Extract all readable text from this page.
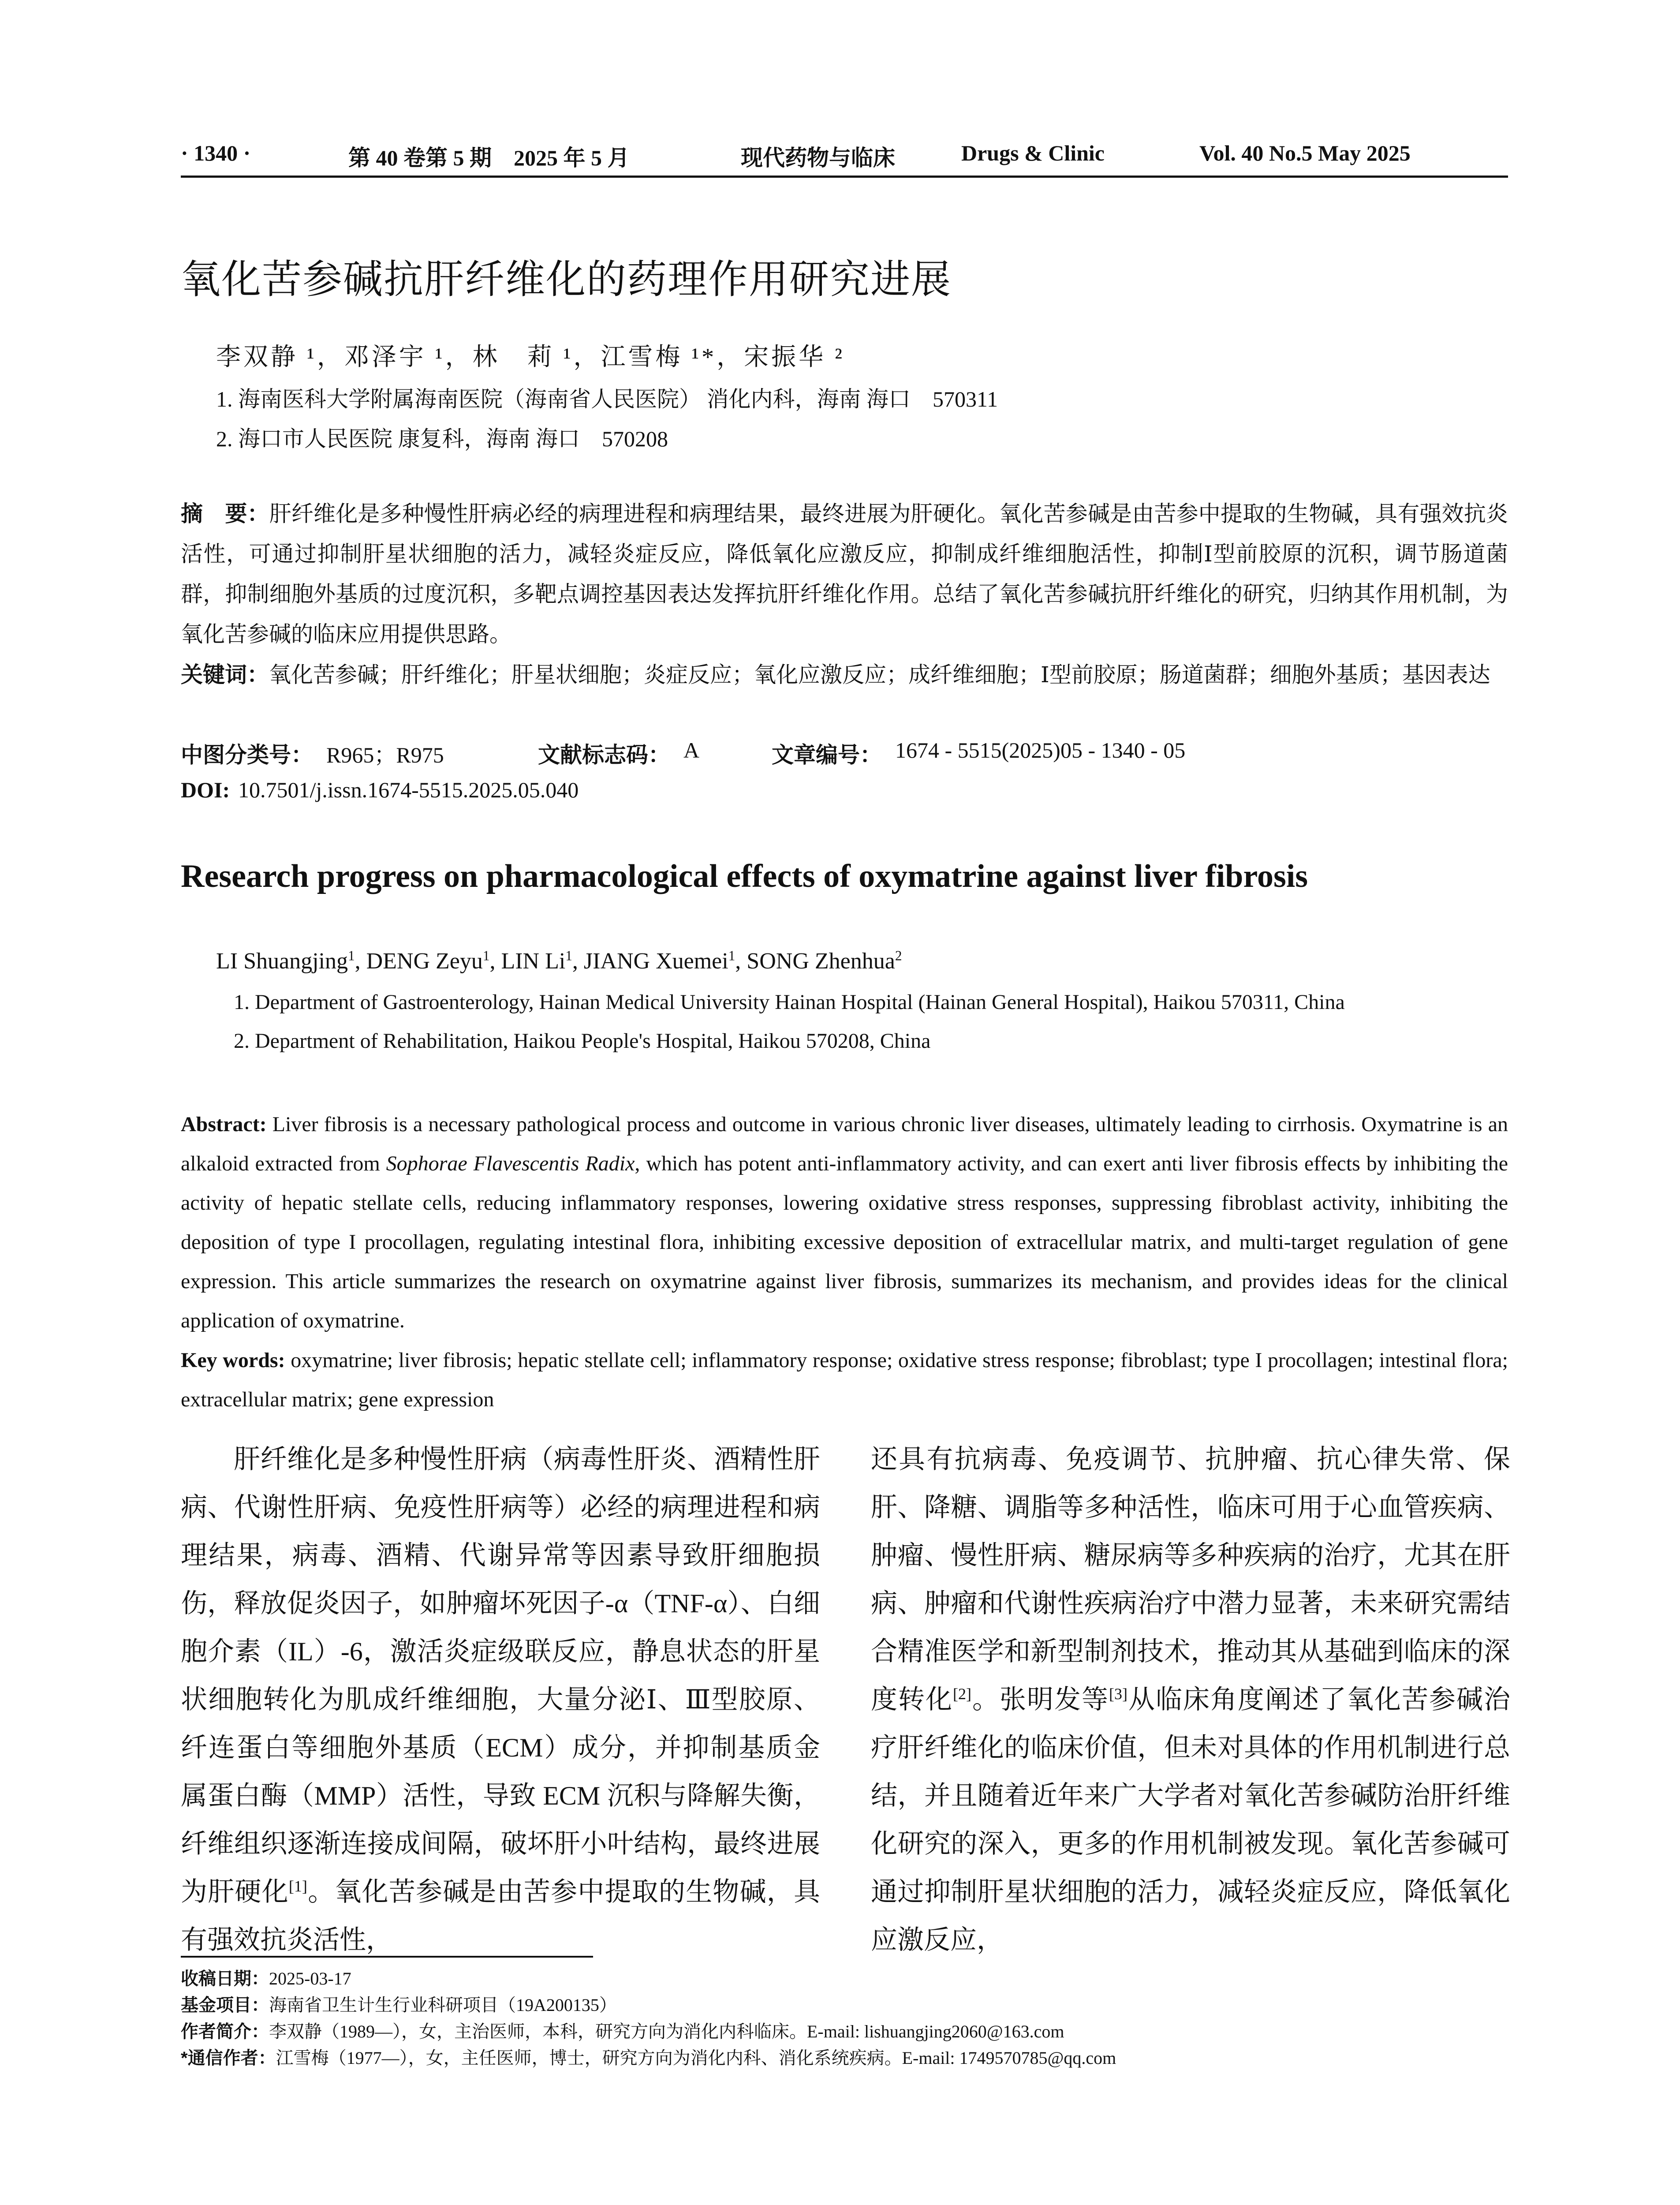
· 1340 ·	第 40 卷第 5 期　2025 年 5 月	现代药物与临床	Drugs & Clinic	Vol. 40 No.5 May 2025
氧化苦参碱抗肝纤维化的药理作用研究进展
李双静 ¹，邓泽宇 ¹，林　莉 ¹，江雪梅 ¹*，宋振华 ²
1. 海南医科大学附属海南医院（海南省人民医院） 消化内科，海南 海口　570311
2. 海口市人民医院 康复科，海南 海口　570208
摘　要：肝纤维化是多种慢性肝病必经的病理进程和病理结果，最终进展为肝硬化。氧化苦参碱是由苦参中提取的生物碱，具有强效抗炎活性，可通过抑制肝星状细胞的活力，减轻炎症反应，降低氧化应激反应，抑制成纤维细胞活性，抑制Ⅰ型前胶原的沉积，调节肠道菌群，抑制细胞外基质的过度沉积，多靶点调控基因表达发挥抗肝纤维化作用。总结了氧化苦参碱抗肝纤维化的研究，归纳其作用机制，为氧化苦参碱的临床应用提供思路。
关键词：氧化苦参碱；肝纤维化；肝星状细胞；炎症反应；氧化应激反应；成纤维细胞；Ⅰ型前胶原；肠道菌群；细胞外基质；基因表达
中图分类号： R965；R975	文献标志码： A	文章编号： 1674 - 5515(2025)05 - 1340 - 05
DOI: 10.7501/j.issn.1674-5515.2025.05.040
Research progress on pharmacological effects of oxymatrine against liver fibrosis
LI Shuangjing$^1$, DENG Zeyu$^1$, LIN Li$^1$, JIANG Xuemei$^1$, SONG Zhenhua$^2$
1. Department of Gastroenterology, Hainan Medical University Hainan Hospital (Hainan General Hospital), Haikou 570311, China
2. Department of Rehabilitation, Haikou People's Hospital, Haikou 570208, China
Abstract: Liver fibrosis is a necessary pathological process and outcome in various chronic liver diseases, ultimately leading to cirrhosis. Oxymatrine is an alkaloid extracted from Sophorae Flavescentis Radix, which has potent anti-inflammatory activity, and can exert anti liver fibrosis effects by inhibiting the activity of hepatic stellate cells, reducing inflammatory responses, lowering oxidative stress responses, suppressing fibroblast activity, inhibiting the deposition of type I procollagen, regulating intestinal flora, inhibiting excessive deposition of extracellular matrix, and multi-target regulation of gene expression. This article summarizes the research on oxymatrine against liver fibrosis, summarizes its mechanism, and provides ideas for the clinical application of oxymatrine.
Key words: oxymatrine; liver fibrosis; hepatic stellate cell; inflammatory response; oxidative stress response; fibroblast; type I procollagen; intestinal flora; extracellular matrix; gene expression
肝纤维化是多种慢性肝病（病毒性肝炎、酒精性肝病、代谢性肝病、免疫性肝病等）必经的病理进程和病理结果，病毒、酒精、代谢异常等因素导致肝细胞损伤，释放促炎因子，如肿瘤坏死因子-α（TNF-α）、白细胞介素（IL）-6，激活炎症级联反应，静息状态的肝星状细胞转化为肌成纤维细胞，大量分泌Ⅰ、Ⅲ型胶原、纤连蛋白等细胞外基质（ECM）成分，并抑制基质金属蛋白酶（MMP）活性，导致 ECM 沉积与降解失衡，纤维组织逐渐连接成间隔，破坏肝小叶结构，最终进展为肝硬化[1]。氧化苦参碱是由苦参中提取的生物碱，具有强效抗炎活性，
还具有抗病毒、免疫调节、抗肿瘤、抗心律失常、保肝、降糖、调脂等多种活性，临床可用于心血管疾病、肿瘤、慢性肝病、糖尿病等多种疾病的治疗，尤其在肝病、肿瘤和代谢性疾病治疗中潜力显著，未来研究需结合精准医学和新型制剂技术，推动其从基础到临床的深度转化[2]。张明发等[3]从临床角度阐述了氧化苦参碱治疗肝纤维化的临床价值，但未对具体的作用机制进行总结，并且随着近年来广大学者对氧化苦参碱防治肝纤维化研究的深入，更多的作用机制被发现。氧化苦参碱可通过抑制肝星状细胞的活力，减轻炎症反应，降低氧化应激反应，
收稿日期：2025-03-17
基金项目：海南省卫生计生行业科研项目（19A200135）
作者简介：李双静（1989—），女，主治医师，本科，研究方向为消化内科临床。E-mail: lishuangjing2060@163.com
*通信作者：江雪梅（1977—），女，主任医师，博士，研究方向为消化内科、消化系统疾病。E-mail: 1749570785@qq.com
